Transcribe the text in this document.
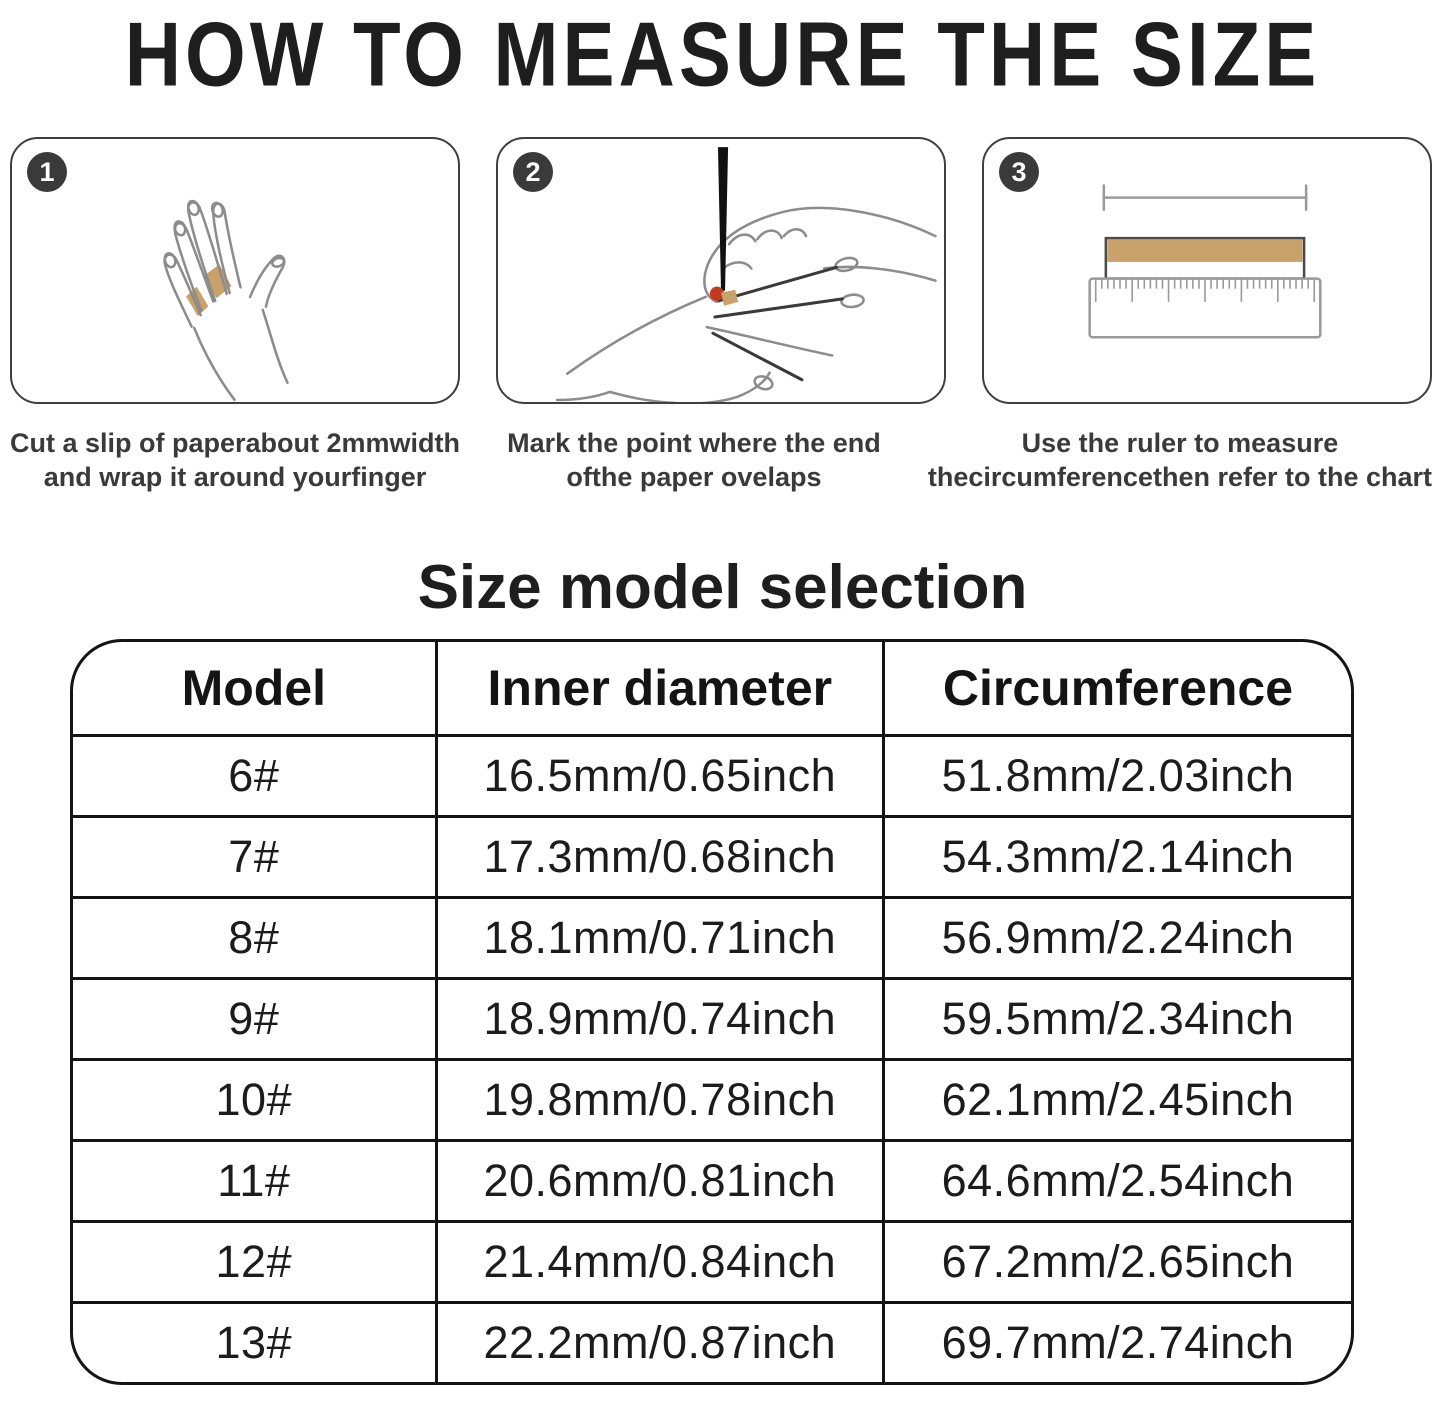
HOW TO MEASURE THE SIZE
1	2	3
Cut a slip of paperabout 2mmwidth
and wrap it around yourfinger
Mark the point where the end
ofthe paper ovelaps
Use the ruler to measure
thecircumferencethen refer to the chart
Size model selection
Model	Inner diameter	Circumference
6#	16.5mm/0.65inch	51.8mm/2.03inch
7#	17.3mm/0.68inch	54.3mm/2.14inch
8#	18.1mm/0.71inch	56.9mm/2.24inch
9#	18.9mm/0.74inch	59.5mm/2.34inch
10#	19.8mm/0.78inch	62.1mm/2.45inch
11#	20.6mm/0.81inch	64.6mm/2.54inch
12#	21.4mm/0.84inch	67.2mm/2.65inch
13#	22.2mm/0.87inch	69.7mm/2.74inch
